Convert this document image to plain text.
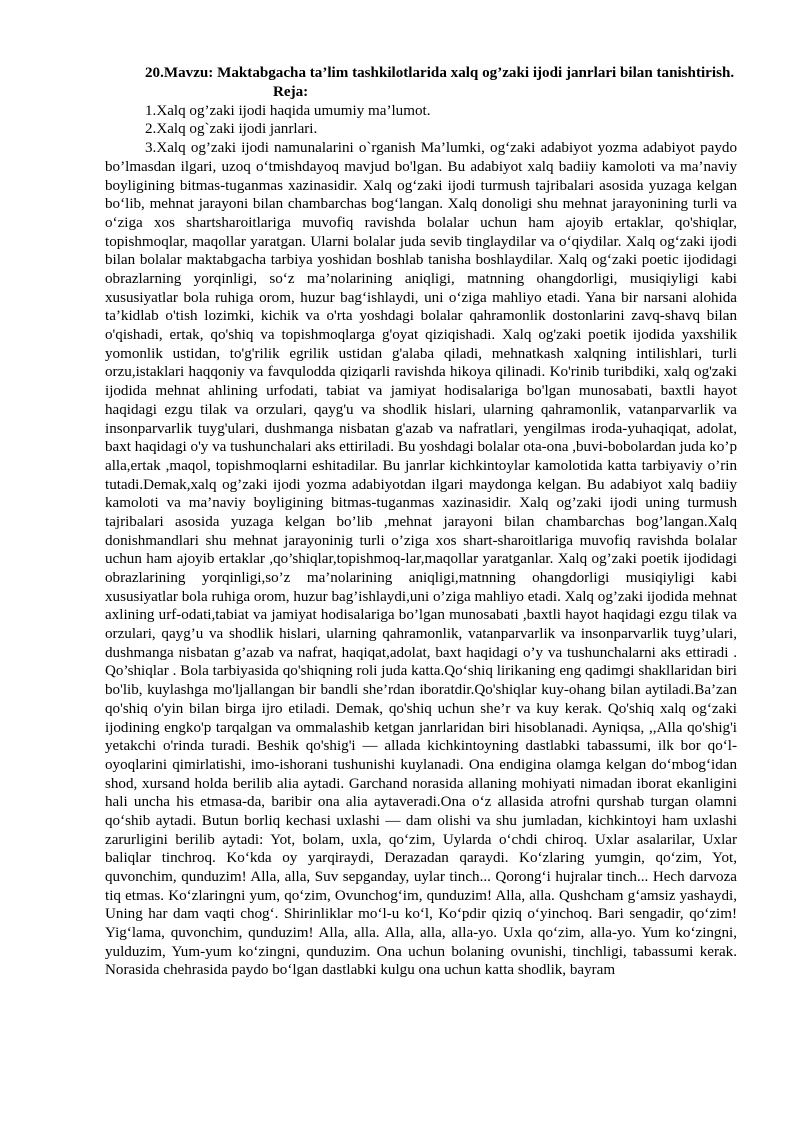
20.Mavzu: Maktabgacha ta’lim tashkilotlarida xalq og’zaki ijodi janrlari bilan tanishtirish.

Reja:

1.Xalq og’zaki ijodi haqida umumiy ma’lumot.

2.Xalq og`zaki ijodi janrlari.

3.Xalq og’zaki ijodi namunalarini o`rganish Ma’lumki, og‘zaki adabiyot yozma adabiyot paydo bo’lmasdan ilgari, uzoq o‘tmishdayoq mavjud bo'lgan. Bu adabiyot xalq badiiy kamoloti va ma’naviy boyligining bitmas-tuganmas xazinasidir. Xalq og‘zaki ijodi turmush tajribalari asosida yuzaga kelgan bo‘lib, mehnat jarayoni bilan chambarchas bog‘langan. Xalq donoligi shu mehnat jarayonining turli va o‘ziga xos shartsharoitlariga muvofiq ravishda bolalar uchun ham ajoyib ertaklar, qo'shiqlar, topishmoqlar, maqollar yaratgan. Ularni bolalar juda sevib tinglaydilar va o‘qiydilar. Xalq og‘zaki ijodi bilan bolalar maktabgacha tarbiya yoshidan boshlab tanisha boshlaydilar. Xalq og‘zaki poetic ijodidagi obrazlarning yorqinligi, so‘z ma’nolarining aniqligi, matnning ohangdorligi, musiqiyligi kabi xususiyatlar bola ruhiga orom, huzur bag‘ishlaydi, uni o‘ziga mahliyo etadi. Yana bir narsani alohida ta’kidlab o'tish lozimki, kichik va o'rta yoshdagi bolalar qahramonlik dostonlarini zavq-shavq bilan o'qishadi, ertak, qo'shiq va topishmoqlarga g'oyat qiziqishadi. Xalq og'zaki poetik ijodida yaxshilik yomonlik ustidan, to'g'rilik egrilik ustidan g'alaba qiladi, mehnatkash xalqning intilishlari, turli orzu,istaklari haqqoniy va favqulodda qiziqarli ravishda hikoya qilinadi. Ko'rinib turibdiki, xalq og'zaki ijodida mehnat ahlining urfodati, tabiat va jamiyat hodisalariga bo'lgan munosabati, baxtli hayot haqidagi ezgu tilak va orzulari, qayg'u va shodlik hislari, ularning qahramonlik, vatanparvarlik va insonparvarlik tuyg'ulari, dushmanga nisbatan g'azab va nafratlari, yengilmas iroda-yuhaqiqat, adolat, baxt haqidagi o'y va tushunchalari aks ettiriladi. Bu yoshdagi bolalar ota-ona ,buvi-bobolardan juda ko’p alla,ertak ,maqol, topishmoqlarni eshitadilar. Bu janrlar kichkintoylar kamolotida katta tarbiyaviy o’rin tutadi.Demak,xalq og’zaki ijodi yozma adabiyotdan ilgari maydonga kelgan. Bu adabiyot xalq badiiy kamoloti va ma’naviy boyligining bitmas-tuganmas xazinasidir. Xalq og’zaki ijodi uning turmush tajribalari asosida yuzaga kelgan bo’lib ,mehnat jarayoni bilan chambarchas bog’langan.Xalq donishmandlari shu mehnat jarayoninig turli o’ziga xos shart-sharoitlariga muvofiq ravishda bolalar uchun ham ajoyib ertaklar ,qo’shiqlar,topishmoq-lar,maqollar yaratganlar. Xalq og’zaki poetik ijodidagi obrazlarining yorqinligi,so’z ma’nolarining aniqligi,matnning ohangdorligi musiqiyligi kabi xususiyatlar bola ruhiga orom, huzur bag’ishlaydi,uni o’ziga mahliyo etadi. Xalq og’zaki ijodida mehnat axlining urf-odati,tabiat va jamiyat hodisalariga bo’lgan munosabati ,baxtli hayot haqidagi ezgu tilak va orzulari, qayg’u va shodlik hislari, ularning qahramonlik, vatanparvarlik va insonparvarlik tuyg’ulari, dushmanga nisbatan g’azab va nafrat, haqiqat,adolat, baxt haqidagi o’y va tushunchalarni aks ettiradi . Qo’shiqlar . Bola tarbiyasida qo'shiqning roli juda katta.Qo‘shiq lirikaning eng qadimgi shakllaridan biri bo'lib, kuylashga mo'ljallangan bir bandli she’rdan iboratdir.Qo'shiqlar kuy-ohang bilan aytiladi.Ba’zan qo'shiq o'yin bilan birga ijro etiladi. Demak, qo'shiq uchun she’r va kuy kerak. Qo'shiq xalq og‘zaki ijodining engko'p tarqalgan va ommalashib ketgan janrlaridan biri hisoblanadi. Ayniqsa, ,,Alla qo'shig'i yetakchi o'rinda turadi. Beshik qo'shig'i — allada kichkintoyning dastlabki tabassumi, ilk bor qo‘l-oyoqlarini qimirlatishi, imo-ishorani tushunishi kuylanadi. Ona endigina olamga kelgan do‘mbog‘idan shod, xursand holda berilib alia aytadi. Garchand norasida allaning mohiyati nimadan iborat ekanligini hali uncha his etmasa-da, baribir ona alia aytaveradi.Ona o‘z allasida atrofni qurshab turgan olamni qo‘shib aytadi. Butun borliq kechasi uxlashi — dam olishi va shu jumladan, kichkintoyi ham uxlashi zarurligini berilib aytadi: Yot, bolam, uxla, qo‘zim, Uylarda o‘chdi chiroq. Uxlar asalarilar, Uxlar baliqlar tinchroq. Ko‘kda oy yarqiraydi, Derazadan qaraydi. Ko‘zlaring yumgin, qo‘zim, Yot, quvonchim, qunduzim! Alla, alla, Suv sepganday, uylar tinch... Qorong‘i hujralar tinch... Hech darvoza tiq etmas. Ko‘zlaringni yum, qo‘zim, Ovunchog‘im, qunduzim! Alla, alla. Qushcham g‘amsiz yashaydi, Uning har dam vaqti chog‘. Shirinliklar mo‘l-u ko‘l, Ko‘pdir qiziq o‘yinchoq. Bari sengadir, qo‘zim! Yig‘lama, quvonchim, qunduzim! Alla, alla. Alla, alla, alla-yo. Uxla qo‘zim, alla-yo. Yum ko‘zingni, yulduzim, Yum-yum ko‘zingni, qunduzim. Ona uchun bolaning ovunishi, tinchligi, tabassumi kerak. Norasida chehrasida paydo bo‘lgan dastlabki kulgu ona uchun katta shodlik, bayram
